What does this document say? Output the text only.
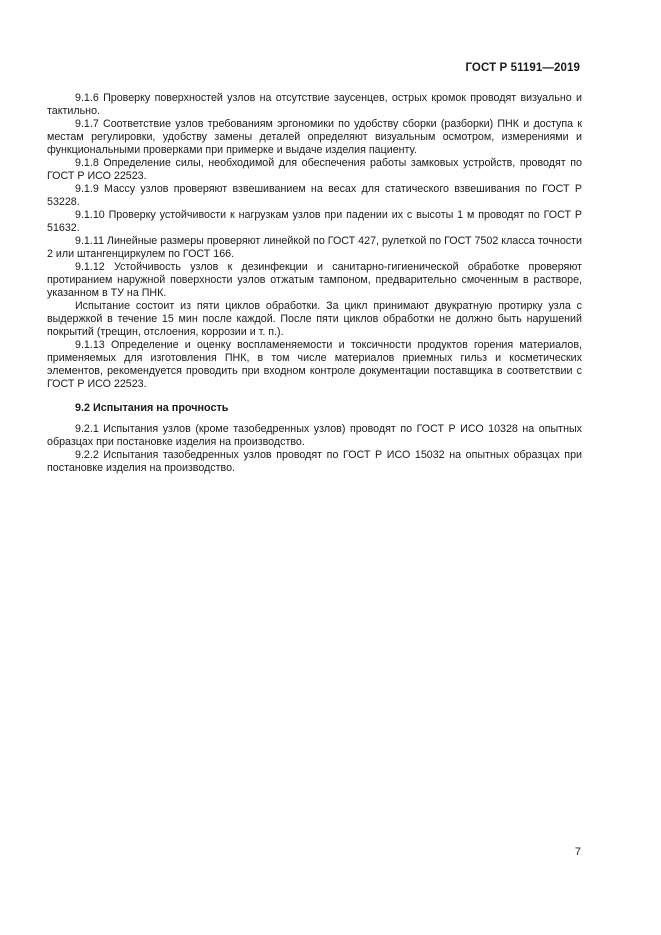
ГОСТ Р 51191—2019

9.1.6 Проверку поверхностей узлов на отсутствие заусенцев, острых кромок проводят визуально и тактильно.

9.1.7 Соответствие узлов требованиям эргономики по удобству сборки (разборки) ПНК и доступа к местам регулировки, удобству замены деталей определяют визуальным осмотром, измерениями и функциональными проверками при примерке и выдаче изделия пациенту.

9.1.8 Определение силы, необходимой для обеспечения работы замковых устройств, проводят по ГОСТ Р ИСО 22523.

9.1.9 Массу узлов проверяют взвешиванием на весах для статического взвешивания по ГОСТ Р 53228.

9.1.10 Проверку устойчивости к нагрузкам узлов при падении их с высоты 1 м проводят по ГОСТ Р 51632.

9.1.11 Линейные размеры проверяют линейкой по ГОСТ 427, рулеткой по ГОСТ 7502 класса точности 2 или штангенциркулем по ГОСТ 166.

9.1.12 Устойчивость узлов к дезинфекции и санитарно-гигиенической обработке проверяют протиранием наружной поверхности узлов отжатым тампоном, предварительно смоченным в растворе, указанном в ТУ на ПНК.

Испытание состоит из пяти циклов обработки. За цикл принимают двукратную протирку узла с выдержкой в течение 15 мин после каждой. После пяти циклов обработки не должно быть нарушений покрытий (трещин, отслоения, коррозии и т. п.).

9.1.13 Определение и оценку воспламеняемости и токсичности продуктов горения материалов, применяемых для изготовления ПНК, в том числе материалов приемных гильз и косметических элементов, рекомендуется проводить при входном контроле документации поставщика в соответствии с ГОСТ Р ИСО 22523.

9.2 Испытания на прочность

9.2.1 Испытания узлов (кроме тазобедренных узлов) проводят по ГОСТ Р ИСО 10328 на опытных образцах при постановке изделия на производство.

9.2.2 Испытания тазобедренных узлов проводят по ГОСТ Р ИСО 15032 на опытных образцах при постановке изделия на производство.

7
